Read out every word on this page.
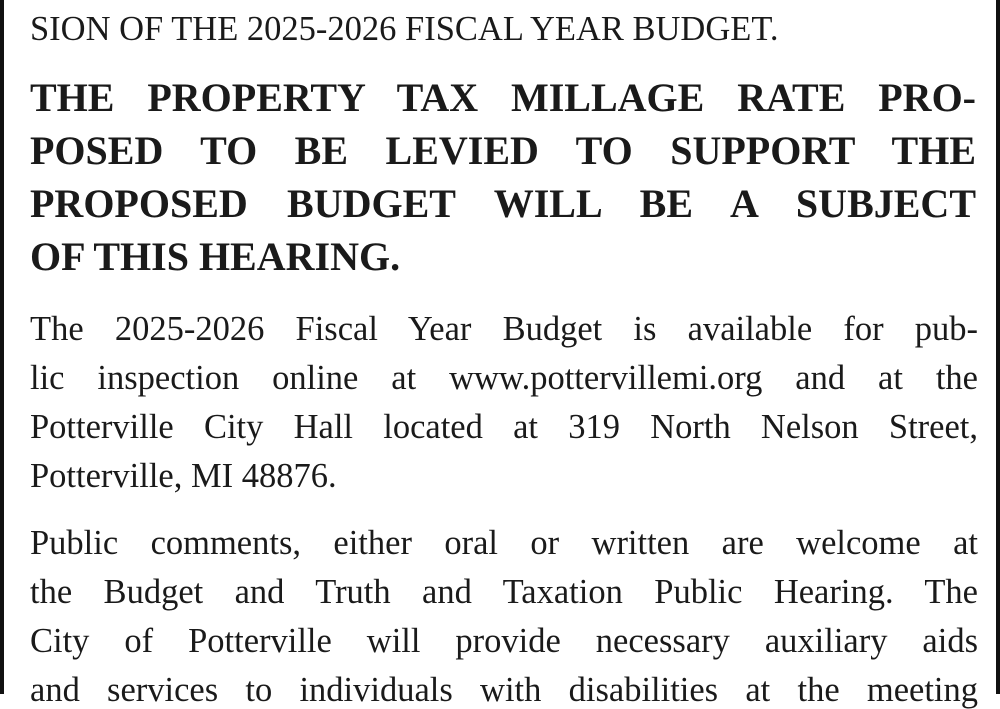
SION OF THE 2025-2026 FISCAL YEAR BUDGET.
THE PROPERTY TAX MILLAGE RATE PRO-
POSED TO BE LEVIED TO SUPPORT THE
PROPOSED BUDGET WILL BE A SUBJECT
OF THIS HEARING.
The 2025-2026 Fiscal Year Budget is available for pub-
lic inspection online at www.pottervillemi.org and at the
Potterville City Hall located at 319 North Nelson Street,
Potterville, MI 48876.
Public comments, either oral or written are welcome at
the Budget and Truth and Taxation Public Hearing. The
City of Potterville will provide necessary auxiliary aids
and services to individuals with disabilities at the meeting
